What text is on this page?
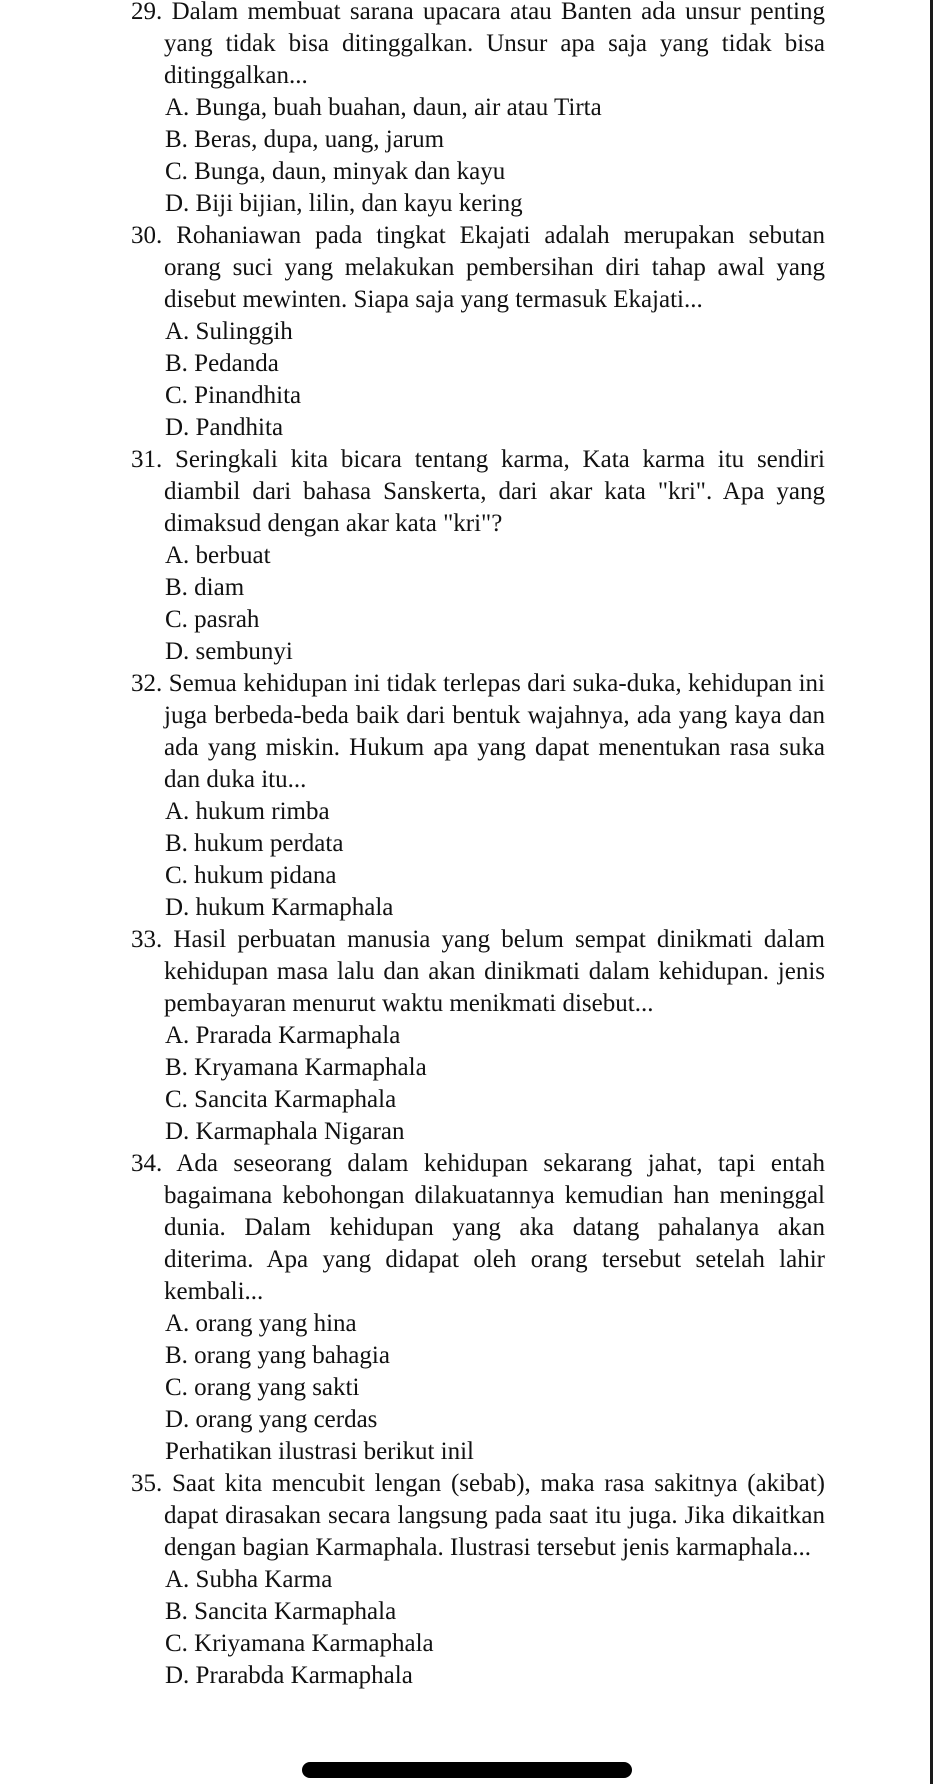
29. Dalam membuat sarana upacara atau Banten ada unsur penting yang tidak bisa ditinggalkan. Unsur apa saja yang tidak bisa ditinggalkan...
A. Bunga, buah buahan, daun, air atau Tirta
B. Beras, dupa, uang, jarum
C. Bunga, daun, minyak dan kayu
D. Biji bijian, lilin, dan kayu kering
30. Rohaniawan pada tingkat Ekajati adalah merupakan sebutan orang suci yang melakukan pembersihan diri tahap awal yang disebut mewinten. Siapa saja yang termasuk Ekajati...
A. Sulinggih
B. Pedanda
C. Pinandhita
D. Pandhita
31. Seringkali kita bicara tentang karma, Kata karma itu sendiri diambil dari bahasa Sanskerta, dari akar kata "kri". Apa yang dimaksud dengan akar kata "kri"?
A. berbuat
B. diam
C. pasrah
D. sembunyi
32. Semua kehidupan ini tidak terlepas dari suka-duka, kehidupan ini juga berbeda-beda baik dari bentuk wajahnya, ada yang kaya dan ada yang miskin. Hukum apa yang dapat menentukan rasa suka dan duka itu...
A. hukum rimba
B. hukum perdata
C. hukum pidana
D. hukum Karmaphala
33. Hasil perbuatan manusia yang belum sempat dinikmati dalam kehidupan masa lalu dan akan dinikmati dalam kehidupan. jenis pembayaran menurut waktu menikmati disebut...
A. Prarada Karmaphala
B. Kryamana Karmaphala
C. Sancita Karmaphala
D. Karmaphala Nigaran
34. Ada seseorang dalam kehidupan sekarang jahat, tapi entah bagaimana kebohongan dilakuatannya kemudian han meninggal dunia. Dalam kehidupan yang aka datang pahalanya akan diterima. Apa yang didapat oleh orang tersebut setelah lahir kembali...
A. orang yang hina
B. orang yang bahagia
C. orang yang sakti
D. orang yang cerdas
Perhatikan ilustrasi berikut inil
35. Saat kita mencubit lengan (sebab), maka rasa sakitnya (akibat) dapat dirasakan secara langsung pada saat itu juga. Jika dikaitkan dengan bagian Karmaphala. Ilustrasi tersebut jenis karmaphala...
A. Subha Karma
B. Sancita Karmaphala
C. Kriyamana Karmaphala
D. Prarabda Karmaphala
